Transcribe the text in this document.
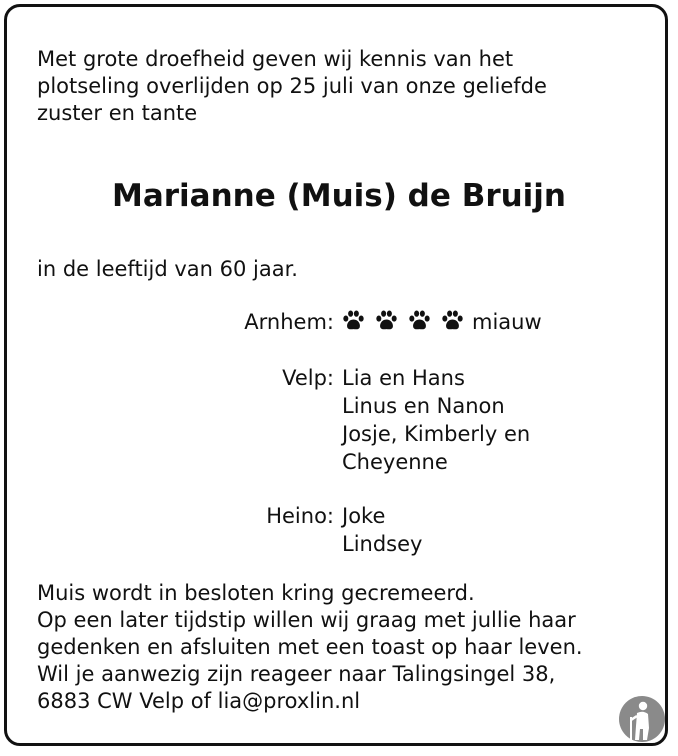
Met grote droefheid geven wij kennis van het
plotseling overlijden op 25 juli van onze geliefde
zuster en tante
Marianne (Muis) de Bruijn
in de leeftijd van 60 jaar.
Arnhem:	miauw
Velp: Lia en Hans
Linus en Nanon
Josje, Kimberly en
Cheyenne
Heino: Joke
Lindsey
Muis wordt in besloten kring gecremeerd.
Op een later tijdstip willen wij graag met jullie haar
gedenken en afsluiten met een toast op haar leven.
Wil je aanwezig zijn reageer naar Talingsingel 38,
6883 CW Velp of lia@proxlin.nl
